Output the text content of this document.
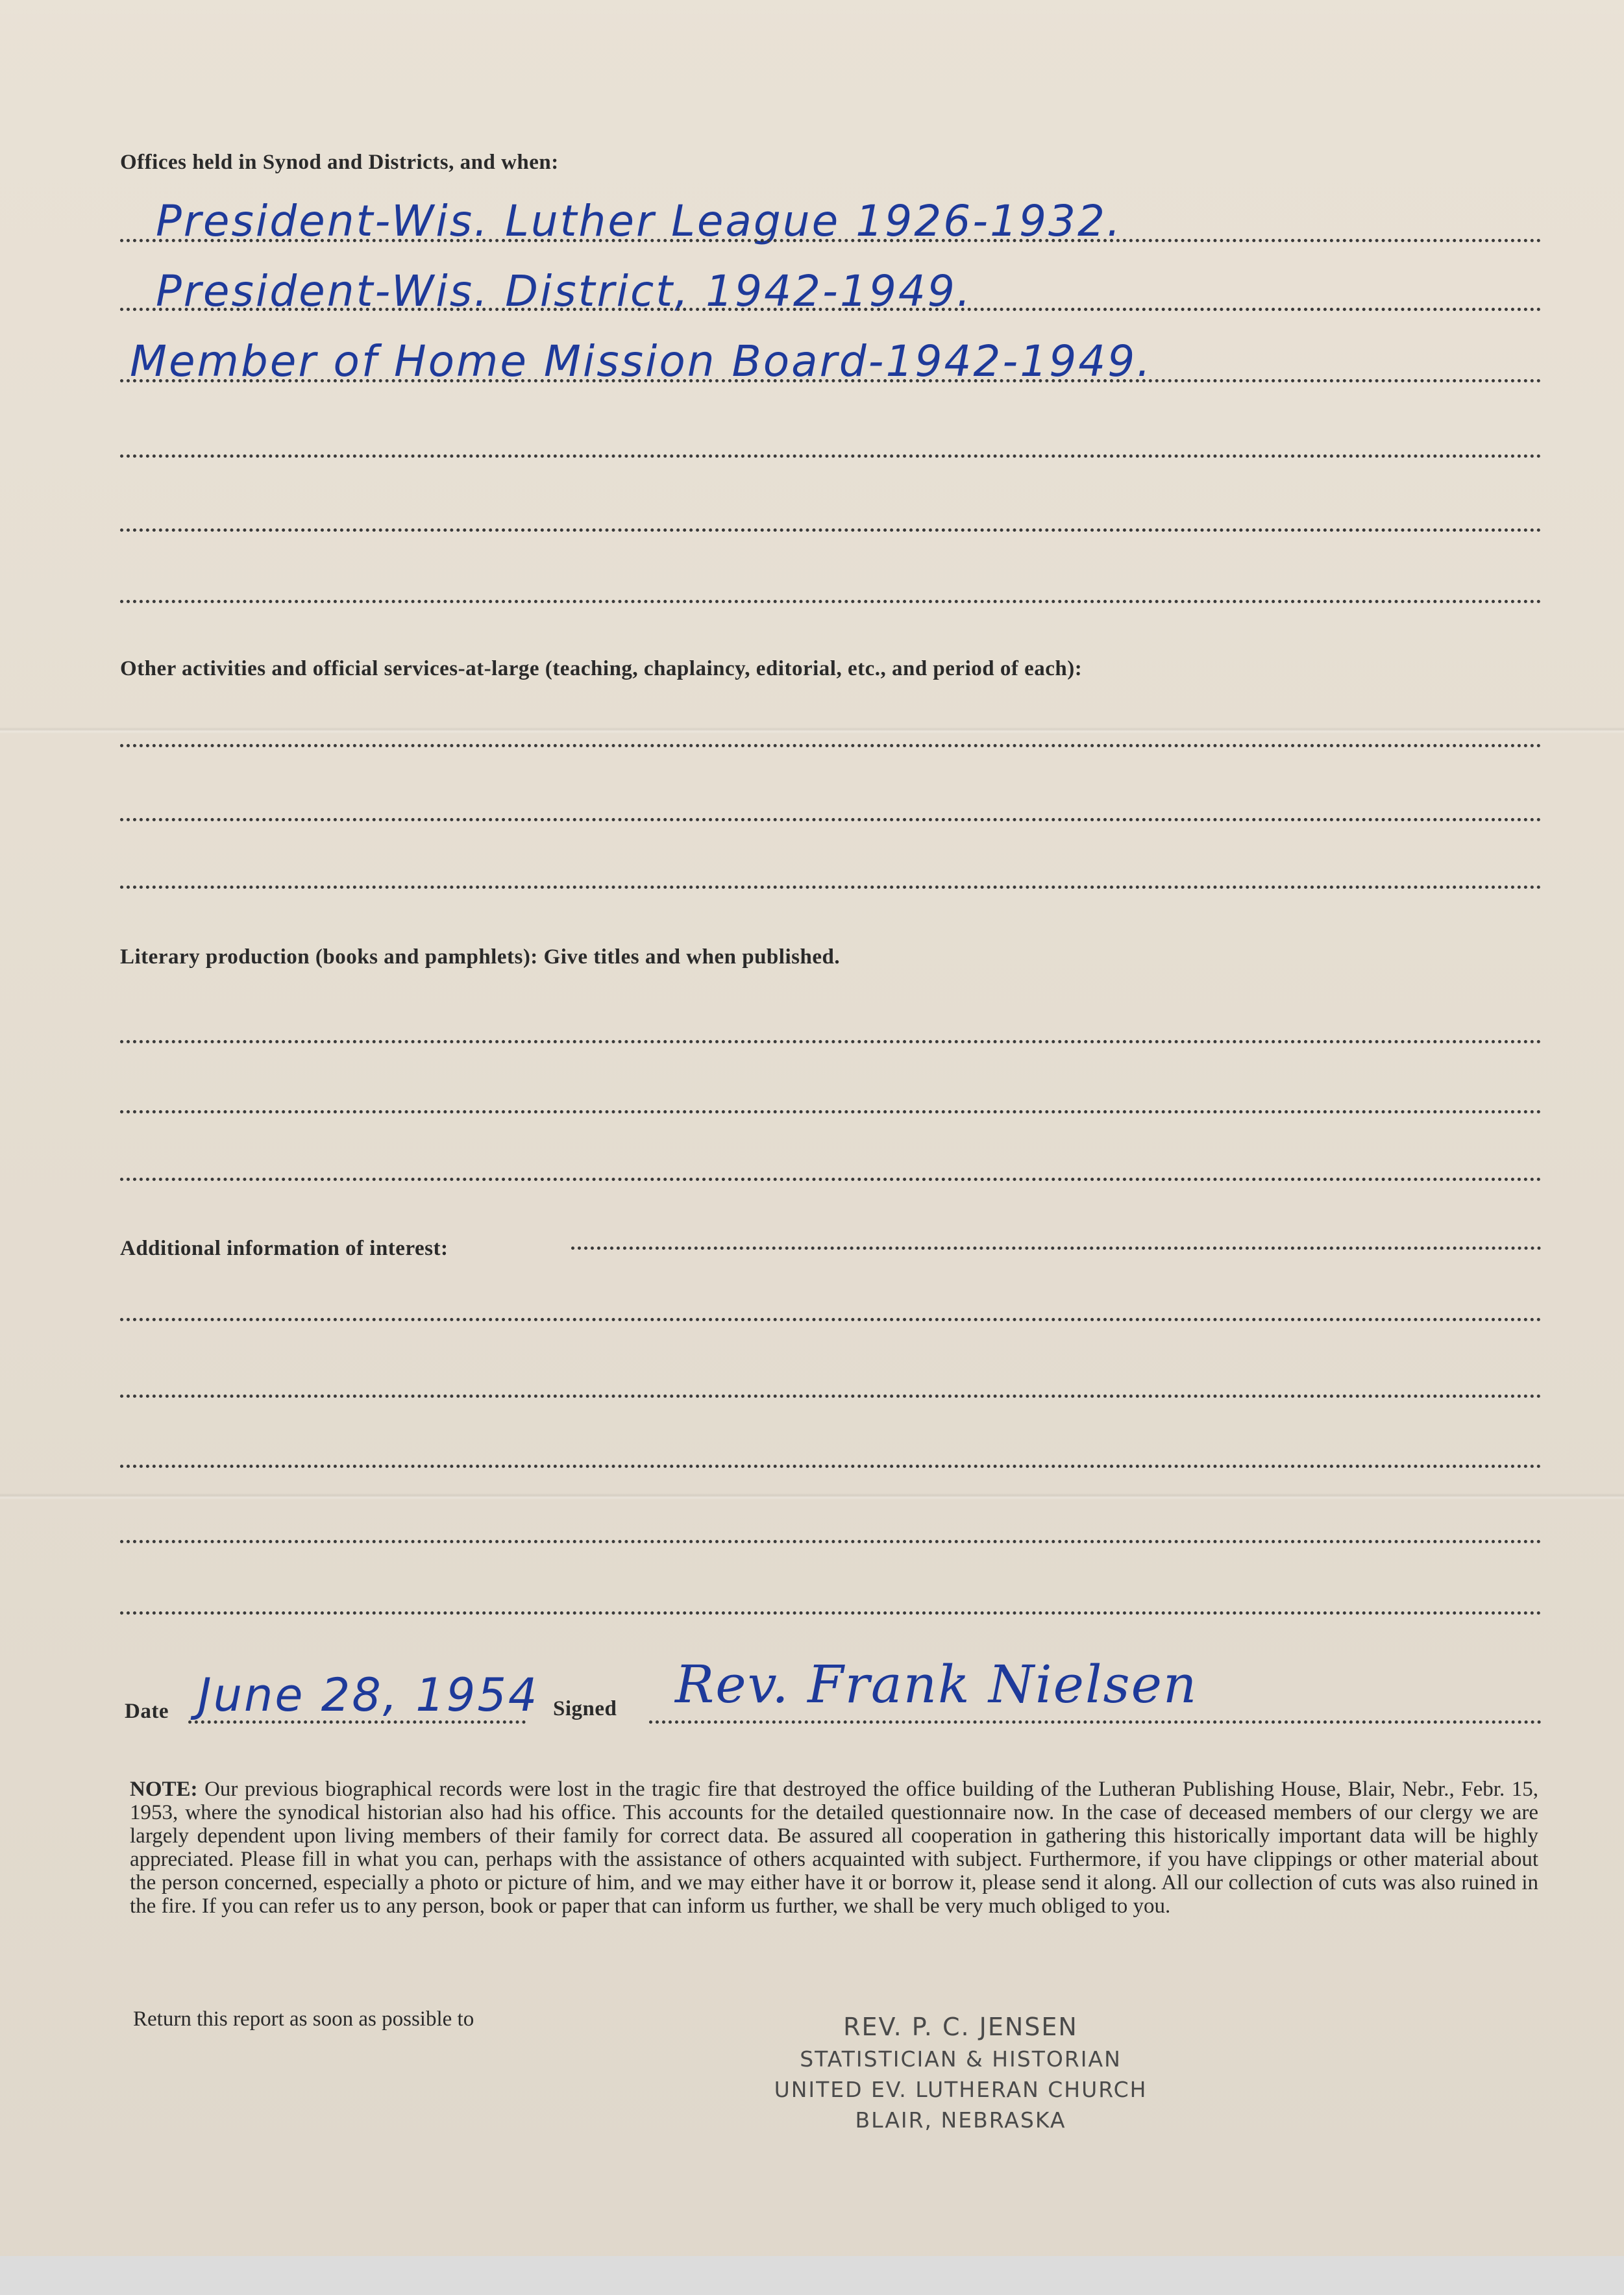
Offices held in Synod and Districts, and when:
President-Wis. Luther League 1926-1932.
President-Wis. District, 1942-1949.
Member of Home Mission Board-1942-1949.
Other activities and official services-at-large (teaching, chaplaincy, editorial, etc., and period of each):
Literary production (books and pamphlets): Give titles and when published.
Additional information of interest:
Date June 28, 1954 Signed Rev. Frank Nielsen
NOTE: Our previous biographical records were lost in the tragic fire that destroyed the office building of the Lutheran Publishing House, Blair, Nebr., Febr. 15, 1953, where the synodical historian also had his office. This accounts for the detailed questionnaire now. In the case of deceased members of our clergy we are largely dependent upon living members of their family for correct data. Be assured all cooperation in gathering this historically important data will be highly appreciated. Please fill in what you can, perhaps with the assistance of others acquainted with subject. Furthermore, if you have clippings or other material about the person concerned, especially a photo or picture of him, and we may either have it or borrow it, please send it along. All our collection of cuts was also ruined in the fire. If you can refer us to any person, book or paper that can inform us further, we shall be very much obliged to you.
Return this report as soon as possible to	REV. P. C. JENSEN
STATISTICIAN & HISTORIAN
UNITED EV. LUTHERAN CHURCH
BLAIR, NEBRASKA
